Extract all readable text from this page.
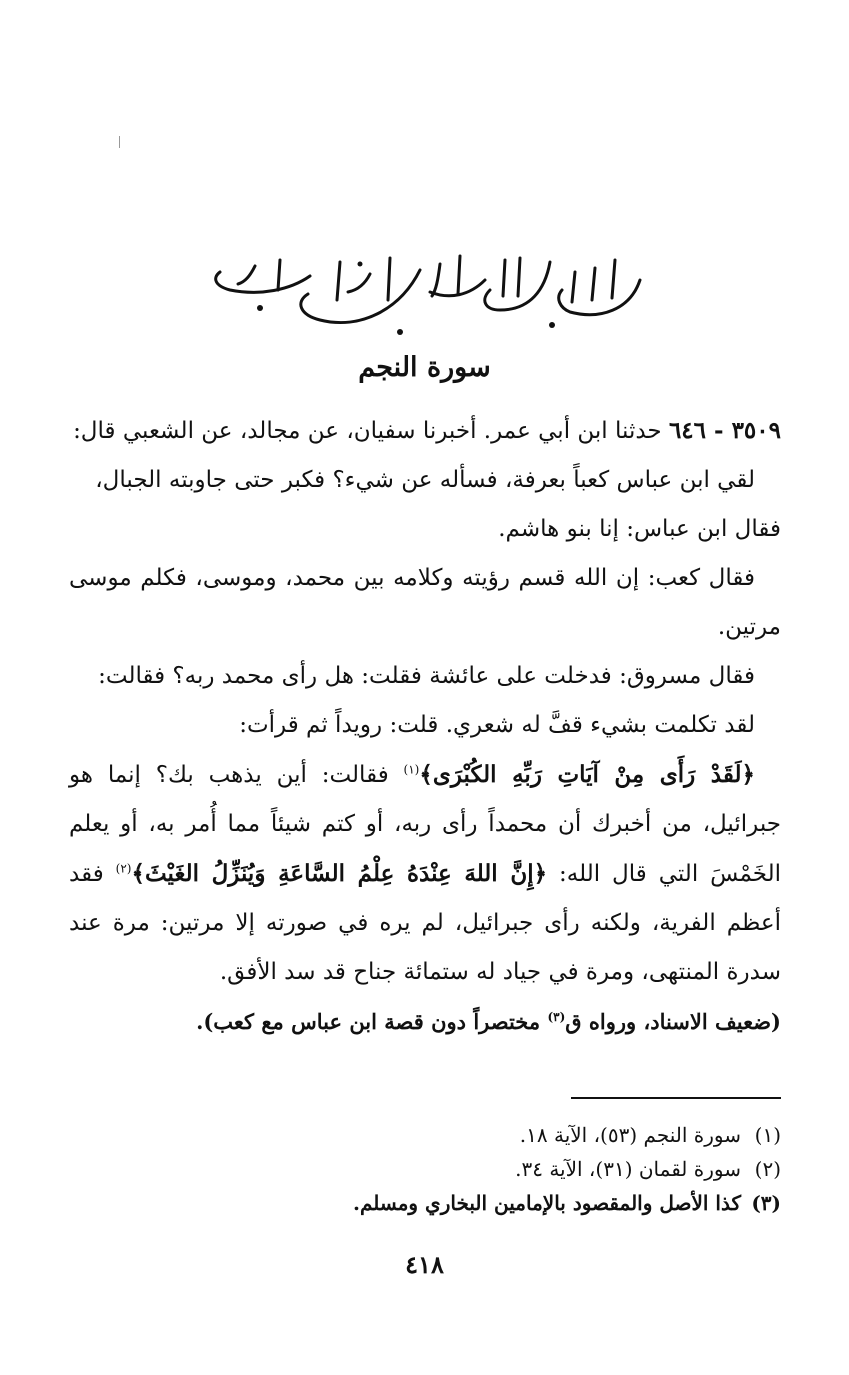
سورة النجم

٣٥٠٩ - ٦٤٦ حدثنا ابن أبي عمر. أخبرنا سفيان، عن مجالد، عن الشعبي قال:

لقي ابن عباس كعباً بعرفة، فسأله عن شيء؟ فكبر حتى جاوبته الجبال،

فقال ابن عباس: إنا بنو هاشم.

فقال كعب: إن الله قسم رؤيته وكلامه بين محمد، وموسى، فكلم موسى مرتين.

فقال مسروق: فدخلت على عائشة فقلت: هل رأى محمد ربه؟ فقالت:

لقد تكلمت بشيء قفَّ له شعري. قلت: رويداً ثم قرأت:

﴿لَقَدْ رَأَى مِنْ آيَاتِ رَبِّهِ الكُبْرَى﴾$^{(١)}$ فقالت: أين يذهب بك؟ إنما هو جبرائيل، من أخبرك أن محمداً رأى ربه، أو كتم شيئاً مما أُمر به، أو يعلم الخَمْسَ التي قال الله: ﴿إِنَّ اللهَ عِنْدَهُ عِلْمُ السَّاعَةِ وَيُنَزِّلُ الغَيْثَ﴾$^{(٢)}$ فقد أعظم الفرية، ولكنه رأى جبرائيل، لم يره في صورته إلا مرتين: مرة عند سدرة المنتهى، ومرة في جياد له ستمائة جناح قد سد الأفق.

(ضعيف الاسناد، ورواه ق$^{(٣)}$ مختصراً دون قصة ابن عباس مع كعب).

(١)
سورة النجم (٥٣)، الآية ١٨.
(٢)
سورة لقمان (٣١)، الآية ٣٤.
(٣)
كذا الأصل والمقصود بالإمامين البخاري ومسلم.
٤١٨
